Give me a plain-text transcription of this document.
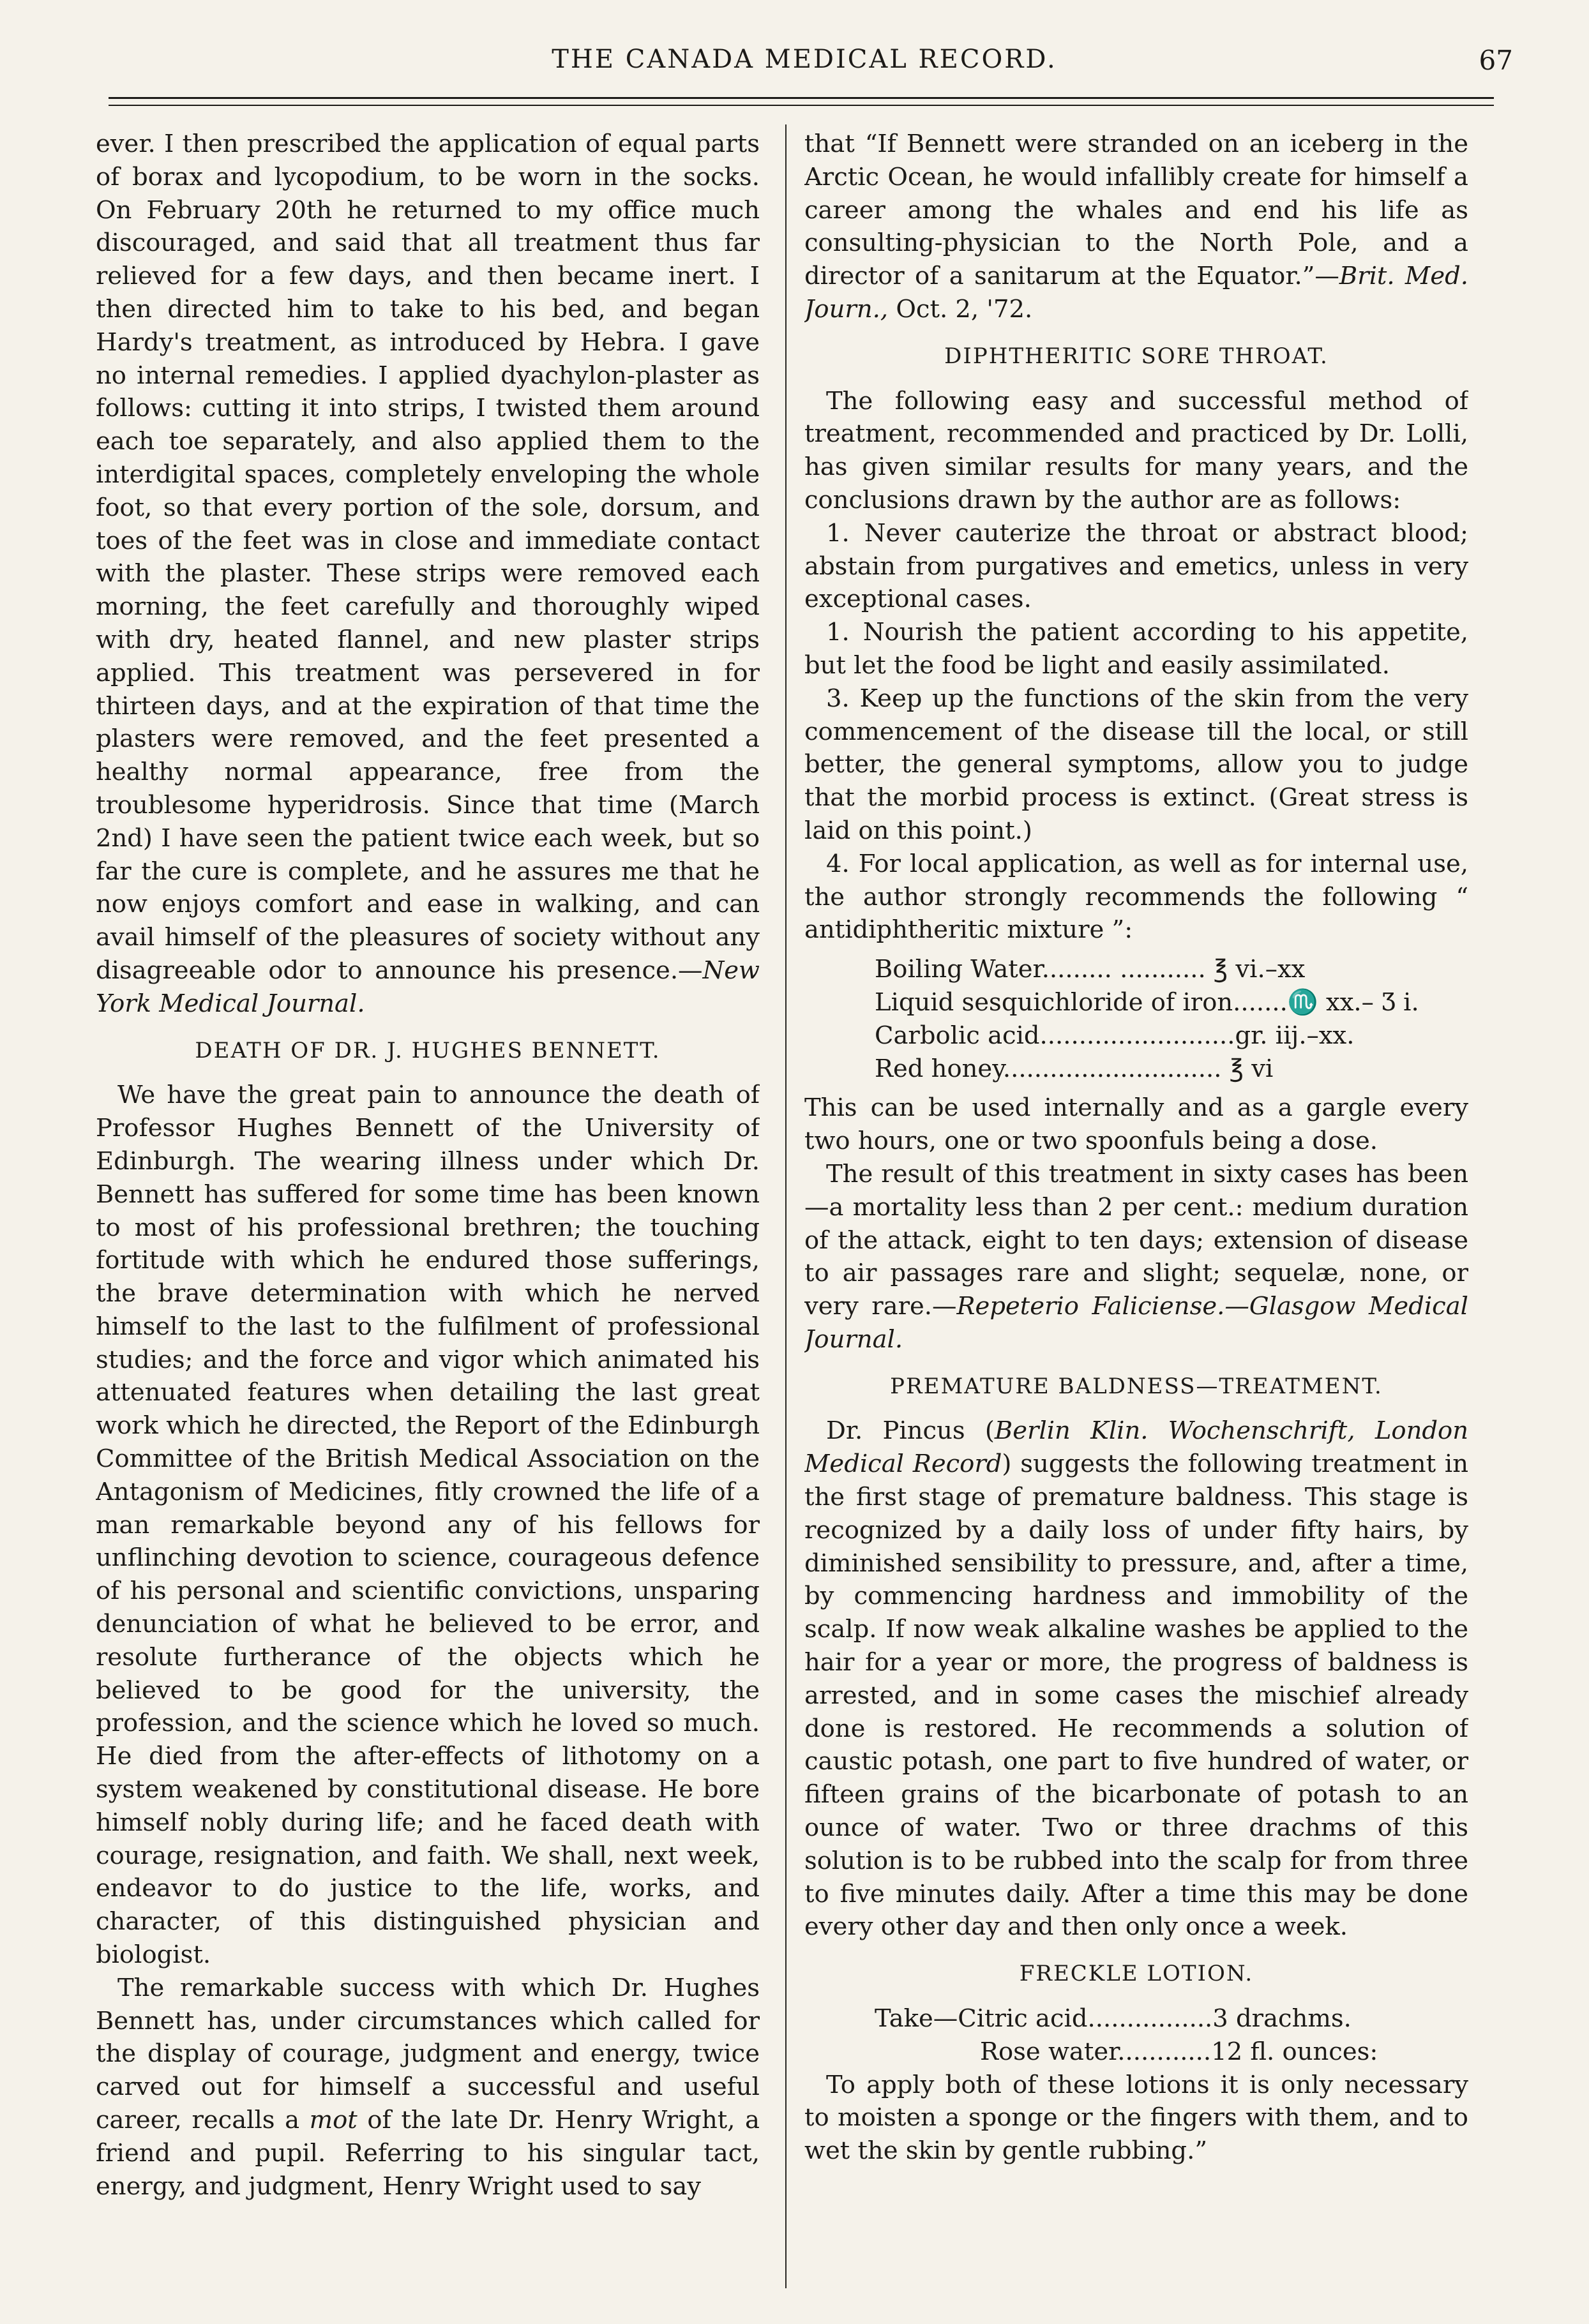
THE CANADA MEDICAL RECORD.	67

ever. I then prescribed the application of equal parts of borax and lycopodium, to be worn in the socks. On February 20th he returned to my office much discouraged, and said that all treatment thus far relieved for a few days, and then became inert. I then directed him to take to his bed, and began Hardy's treatment, as introduced by Hebra. I gave no internal remedies. I applied dyachylon-plaster as follows: cutting it into strips, I twisted them around each toe separately, and also applied them to the interdigital spaces, completely enveloping the whole foot, so that every portion of the sole, dorsum, and toes of the feet was in close and immediate contact with the plaster. These strips were removed each morning, the feet carefully and thoroughly wiped with dry, heated flannel, and new plaster strips applied. This treatment was persevered in for thirteen days, and at the expiration of that time the plasters were removed, and the feet presented a healthy normal appearance, free from the troublesome hyperidrosis. Since that time (March 2nd) I have seen the patient twice each week, but so far the cure is complete, and he assures me that he now enjoys comfort and ease in walking, and can avail himself of the pleasures of society without any disagreeable odor to announce his presence.—New York Medical Journal.

DEATH OF DR. J. HUGHES BENNETT.

We have the great pain to announce the death of Professor Hughes Bennett of the University of Edinburgh. The wearing illness under which Dr. Bennett has suffered for some time has been known to most of his professional brethren; the touching fortitude with which he endured those sufferings, the brave determination with which he nerved himself to the last to the fulfilment of professional studies; and the force and vigor which animated his attenuated features when detailing the last great work which he directed, the Report of the Edinburgh Committee of the British Medical Association on the Antagonism of Medicines, fitly crowned the life of a man remarkable beyond any of his fellows for unflinching devotion to science, courageous defence of his personal and scientific convictions, unsparing denunciation of what he believed to be error, and resolute furtherance of the objects which he believed to be good for the university, the profession, and the science which he loved so much. He died from the after-effects of lithotomy on a system weakened by constitutional disease. He bore himself nobly during life; and he faced death with courage, resignation, and faith. We shall, next week, endeavor to do justice to the life, works, and character, of this distinguished physician and biologist.

The remarkable success with which Dr. Hughes Bennett has, under circumstances which called for the display of courage, judgment and energy, twice carved out for himself a successful and useful career, recalls a mot of the late Dr. Henry Wright, a friend and pupil. Referring to his singular tact, energy, and judgment, Henry Wright used to say

that “If Bennett were stranded on an iceberg in the Arctic Ocean, he would infallibly create for himself a career among the whales and end his life as consulting-physician to the North Pole, and a director of a sanitarum at the Equator.”—Brit. Med. Journ., Oct. 2, '72.

DIPHTHERITIC SORE THROAT.

The following easy and successful method of treatment, recommended and practiced by Dr. Lolli, has given similar results for many years, and the conclusions drawn by the author are as follows:

1. Never cauterize the throat or abstract blood; abstain from purgatives and emetics, unless in very exceptional cases.

1. Nourish the patient according to his appetite, but let the food be light and easily assimilated.

3. Keep up the functions of the skin from the very commencement of the disease till the local, or still better, the general symptoms, allow you to judge that the morbid process is extinct. (Great stress is laid on this point.)

4. For local application, as well as for internal use, the author strongly recommends the following “ antidiphtheritic mixture ”:

Boiling Water......... ........... ℥ vi.–xx
Liquid sesquichloride of iron.......♏ xx.– Ʒ i.
Carbolic acid.........................gr. iij.–xx.
Red honey............................ ℥ vi

This can be used internally and as a gargle every two hours, one or two spoonfuls being a dose.

The result of this treatment in sixty cases has been—a mortality less than 2 per cent.: medium duration of the attack, eight to ten days; extension of disease to air passages rare and slight; sequelæ, none, or very rare.—Repeterio Faliciense.—Glasgow Medical Journal.

PREMATURE BALDNESS—TREATMENT.

Dr. Pincus (Berlin Klin. Wochenschrift, London Medical Record) suggests the following treatment in the first stage of premature baldness. This stage is recognized by a daily loss of under fifty hairs, by diminished sensibility to pressure, and, after a time, by commencing hardness and immobility of the scalp. If now weak alkaline washes be applied to the hair for a year or more, the progress of baldness is arrested, and in some cases the mischief already done is restored. He recommends a solution of caustic potash, one part to five hundred of water, or fifteen grains of the bicarbonate of potash to an ounce of water. Two or three drachms of this solution is to be rubbed into the scalp for from three to five minutes daily. After a time this may be done every other day and then only once a week.

FRECKLE LOTION.
Take—Citric acid................3 drachms.
Rose water............12 fl. ounces:

To apply both of these lotions it is only necessary to moisten a sponge or the fingers with them, and to wet the skin by gentle rubbing.”
